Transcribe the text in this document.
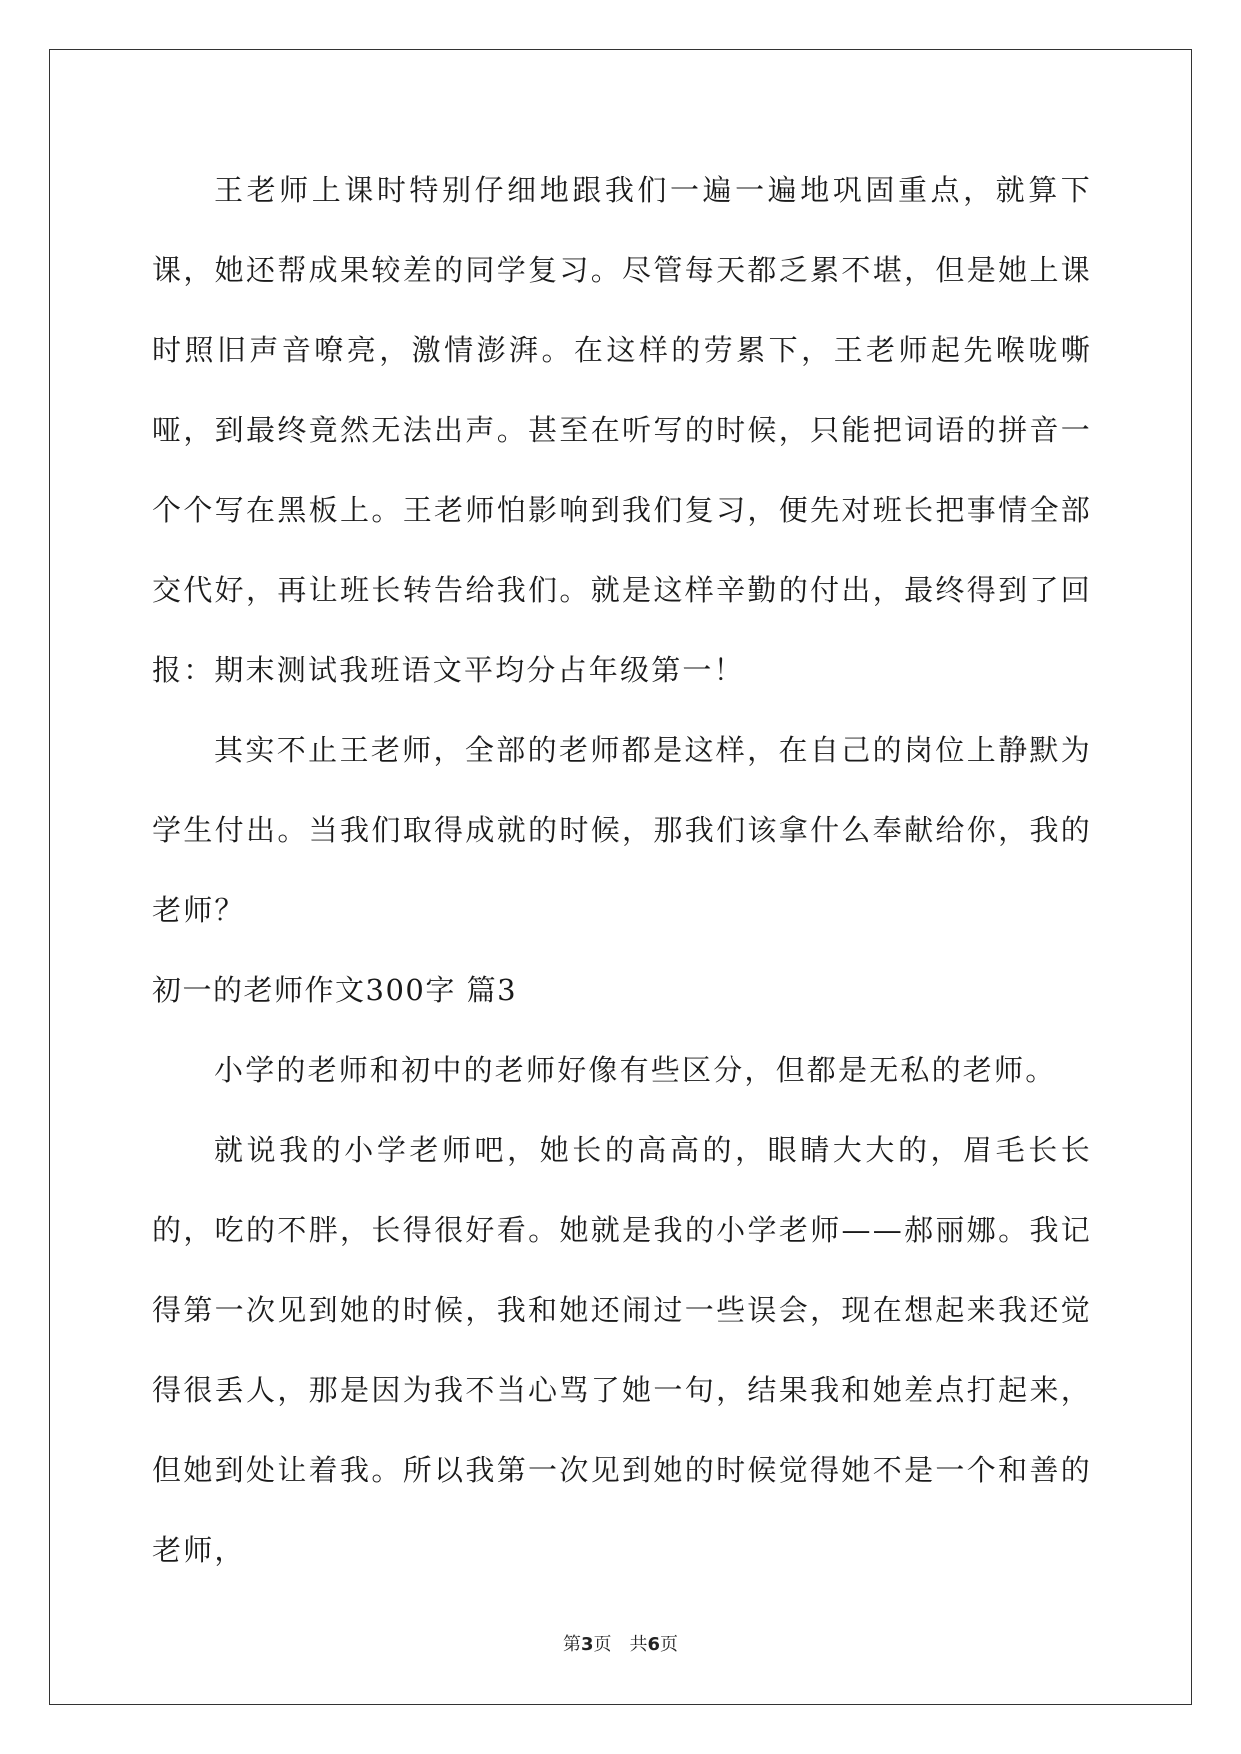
王老师上课时特别仔细地跟我们一遍一遍地巩固重点，就算下课，她还帮成果较差的同学复习。尽管每天都乏累不堪，但是她上课时照旧声音嘹亮，激情澎湃。在这样的劳累下，王老师起先喉咙嘶哑，到最终竟然无法出声。甚至在听写的时候，只能把词语的拼音一个个写在黑板上。王老师怕影响到我们复习，便先对班长把事情全部交代好，再让班长转告给我们。就是这样辛勤的付出，最终得到了回报：期末测试我班语文平均分占年级第一！

其实不止王老师，全部的老师都是这样，在自己的岗位上静默为学生付出。当我们取得成就的时候，那我们该拿什么奉献给你，我的老师？

初一的老师作文300字 篇3

小学的老师和初中的老师好像有些区分，但都是无私的老师。

就说我的小学老师吧，她长的高高的，眼睛大大的，眉毛长长的，吃的不胖，长得很好看。她就是我的小学老师——郝丽娜。我记得第一次见到她的时候，我和她还闹过一些误会，现在想起来我还觉得很丢人，那是因为我不当心骂了她一句，结果我和她差点打起来，但她到处让着我。所以我第一次见到她的时候觉得她不是一个和善的老师，

第3页　共6页
